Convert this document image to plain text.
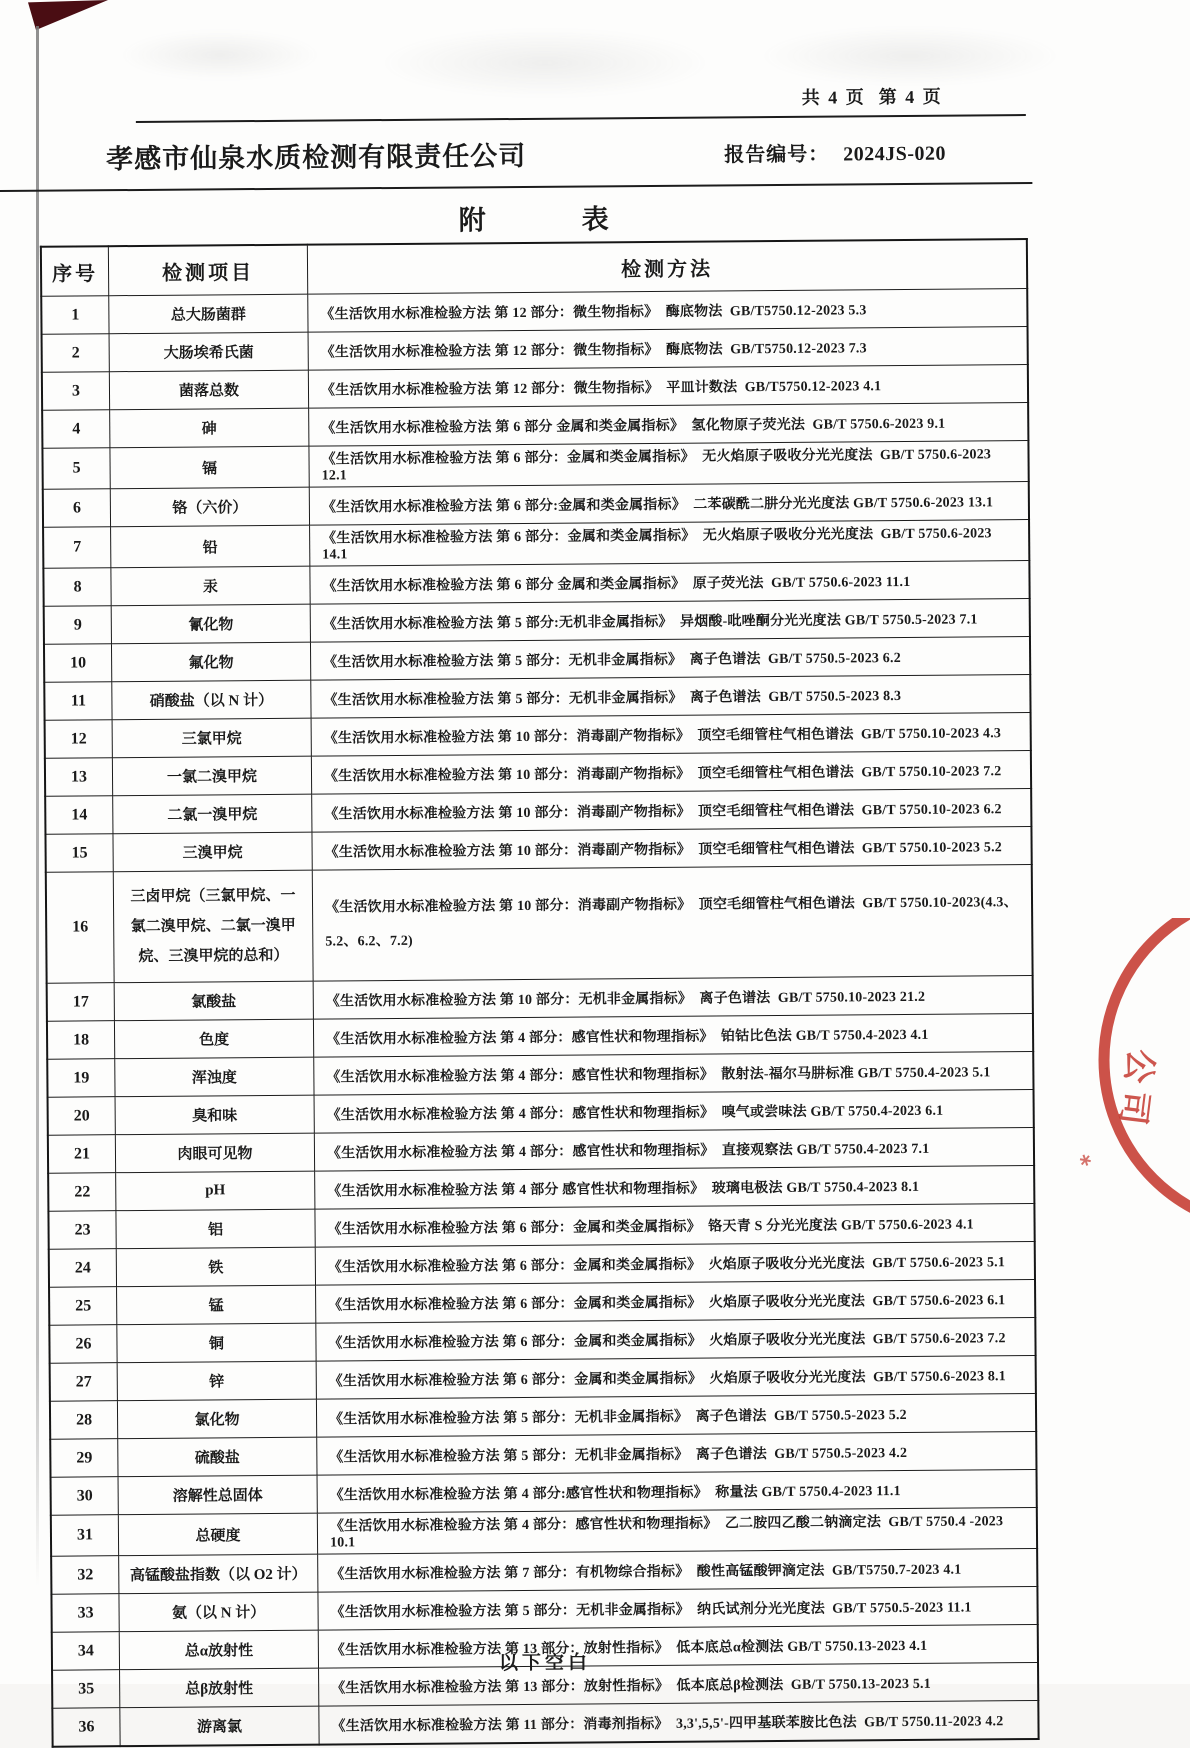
共 4 页  第 4 页
孝感市仙泉水质检测有限责任公司	报告编号： 2024JS-020
附	表
序号	检测项目	检测方法
1	总大肠菌群	《生活饮用水标准检验方法 第 12 部分：微生物指标》  酶底物法  GB/T5750.12-2023 5.3
2	大肠埃希氏菌	《生活饮用水标准检验方法 第 12 部分：微生物指标》  酶底物法  GB/T5750.12-2023 7.3
3	菌落总数	《生活饮用水标准检验方法 第 12 部分：微生物指标》  平皿计数法  GB/T5750.12-2023 4.1
4	砷	《生活饮用水标准检验方法 第 6 部分 金属和类金属指标》  氢化物原子荧光法  GB/T 5750.6-2023 9.1
5	镉	《生活饮用水标准检验方法 第 6 部分：金属和类金属指标》  无火焰原子吸收分光光度法  GB/T 5750.6-2023 12.1
6	铬（六价）	《生活饮用水标准检验方法 第 6 部分:金属和类金属指标》  二苯碳酰二肼分光光度法 GB/T 5750.6-2023 13.1
7	铅	《生活饮用水标准检验方法 第 6 部分：金属和类金属指标》  无火焰原子吸收分光光度法  GB/T 5750.6-2023 14.1
8	汞	《生活饮用水标准检验方法 第 6 部分 金属和类金属指标》  原子荧光法  GB/T 5750.6-2023 11.1
9	氰化物	《生活饮用水标准检验方法 第 5 部分:无机非金属指标》  异烟酸-吡唑酮分光光度法 GB/T 5750.5-2023 7.1
10	氟化物	《生活饮用水标准检验方法 第 5 部分：无机非金属指标》  离子色谱法  GB/T 5750.5-2023 6.2
11	硝酸盐（以 N 计）	《生活饮用水标准检验方法 第 5 部分：无机非金属指标》  离子色谱法  GB/T 5750.5-2023 8.3
12	三氯甲烷	《生活饮用水标准检验方法 第 10 部分：消毒副产物指标》  顶空毛细管柱气相色谱法  GB/T 5750.10-2023 4.3
13	一氯二溴甲烷	《生活饮用水标准检验方法 第 10 部分：消毒副产物指标》  顶空毛细管柱气相色谱法  GB/T 5750.10-2023 7.2
14	二氯一溴甲烷	《生活饮用水标准检验方法 第 10 部分：消毒副产物指标》  顶空毛细管柱气相色谱法  GB/T 5750.10-2023 6.2
15	三溴甲烷	《生活饮用水标准检验方法 第 10 部分：消毒副产物指标》  顶空毛细管柱气相色谱法  GB/T 5750.10-2023 5.2
16	三卤甲烷（三氯甲烷、一氯二溴甲烷、二氯一溴甲烷、三溴甲烷的总和）	《生活饮用水标准检验方法 第 10 部分：消毒副产物指标》  顶空毛细管柱气相色谱法  GB/T 5750.10-2023(4.3、5.2、6.2、7.2)
17	氯酸盐	《生活饮用水标准检验方法 第 10 部分：无机非金属指标》  离子色谱法  GB/T 5750.10-2023 21.2
18	色度	《生活饮用水标准检验方法 第 4 部分：感官性状和物理指标》  铂钴比色法 GB/T 5750.4-2023 4.1
19	浑浊度	《生活饮用水标准检验方法 第 4 部分：感官性状和物理指标》  散射法-福尔马肼标准 GB/T 5750.4-2023 5.1
20	臭和味	《生活饮用水标准检验方法 第 4 部分：感官性状和物理指标》  嗅气或尝味法 GB/T 5750.4-2023 6.1
21	肉眼可见物	《生活饮用水标准检验方法 第 4 部分：感官性状和物理指标》  直接观察法 GB/T 5750.4-2023 7.1
22	pH	《生活饮用水标准检验方法 第 4 部分 感官性状和物理指标》  玻璃电极法 GB/T 5750.4-2023 8.1
23	铝	《生活饮用水标准检验方法 第 6 部分：金属和类金属指标》  铬天青 S 分光光度法 GB/T 5750.6-2023 4.1
24	铁	《生活饮用水标准检验方法 第 6 部分：金属和类金属指标》  火焰原子吸收分光光度法  GB/T 5750.6-2023 5.1
25	锰	《生活饮用水标准检验方法 第 6 部分：金属和类金属指标》  火焰原子吸收分光光度法  GB/T 5750.6-2023 6.1
26	铜	《生活饮用水标准检验方法 第 6 部分：金属和类金属指标》  火焰原子吸收分光光度法  GB/T 5750.6-2023 7.2
27	锌	《生活饮用水标准检验方法 第 6 部分：金属和类金属指标》  火焰原子吸收分光光度法  GB/T 5750.6-2023 8.1
28	氯化物	《生活饮用水标准检验方法 第 5 部分：无机非金属指标》  离子色谱法  GB/T 5750.5-2023 5.2
29	硫酸盐	《生活饮用水标准检验方法 第 5 部分：无机非金属指标》  离子色谱法  GB/T 5750.5-2023 4.2
30	溶解性总固体	《生活饮用水标准检验方法 第 4 部分:感官性状和物理指标》  称量法 GB/T 5750.4-2023 11.1
31	总硬度	《生活饮用水标准检验方法 第 4 部分：感官性状和物理指标》  乙二胺四乙酸二钠滴定法  GB/T 5750.4 -2023 10.1
32	高锰酸盐指数（以 O2 计）	《生活饮用水标准检验方法 第 7 部分：有机物综合指标》  酸性高锰酸钾滴定法  GB/T5750.7-2023 4.1
33	氨（以 N 计）	《生活饮用水标准检验方法 第 5 部分：无机非金属指标》  纳氏试剂分光光度法  GB/T 5750.5-2023 11.1
34	总α放射性	《生活饮用水标准检验方法 第 13 部分：放射性指标》  低本底总α检测法 GB/T 5750.13-2023 4.1
35	总β放射性	《生活饮用水标准检验方法 第 13 部分：放射性指标》  低本底总β检测法  GB/T 5750.13-2023 5.1
36	游离氯	《生活饮用水标准检验方法 第 11 部分：消毒剂指标》  3,3',5,5'-四甲基联苯胺比色法  GB/T 5750.11-2023 4.2
以下空白
公司
⁎
